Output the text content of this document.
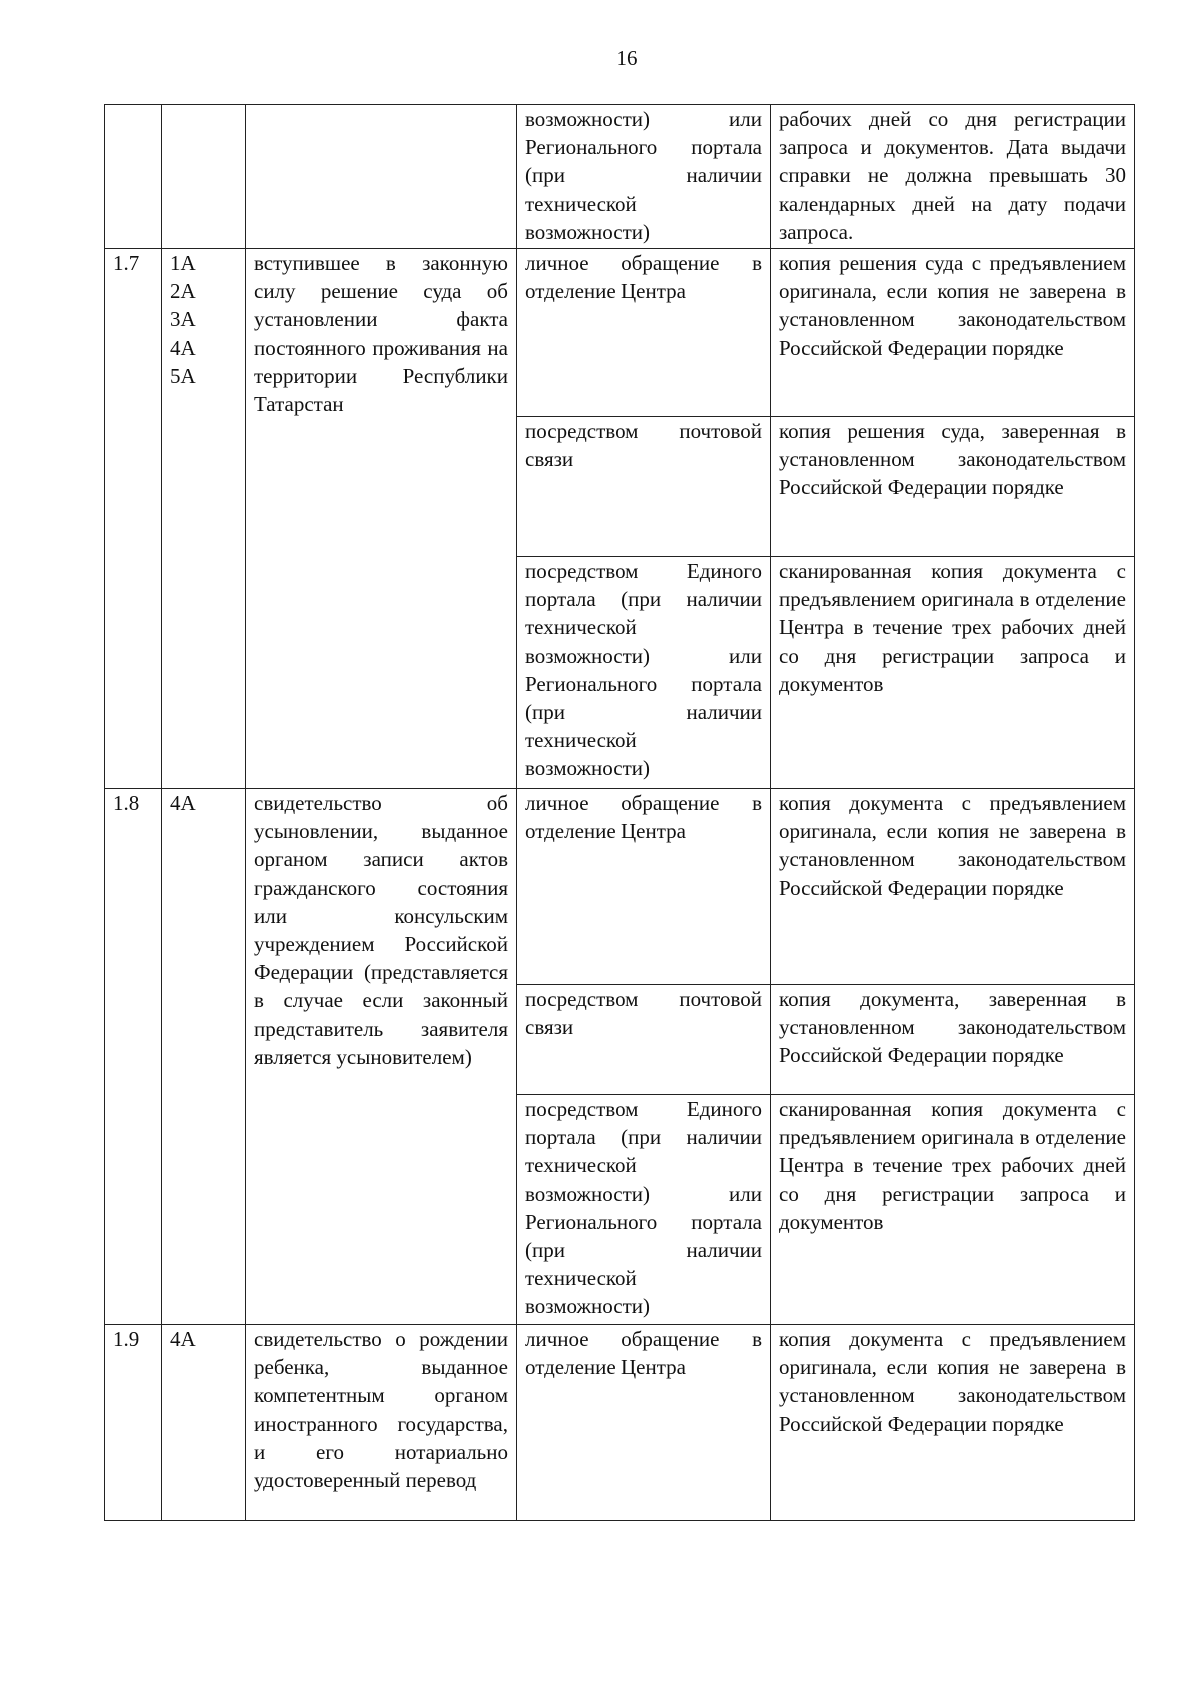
16
			возможности) или Регионального портала (при наличии технической возможности)	рабочих дней со дня регистрации запроса и документов. Дата выдачи справки не должна превышать 30 календарных дней на дату подачи запроса.
1.7	1А
2А
3А
4А
5А	вступившее в законную силу решение суда об установлении факта постоянного проживания на территории Республики Татарстан	личное обращение в отделение Центра	копия решения суда с предъявлением оригинала, если копия не заверена в установленном законодательством Российской Федерации порядке
			посредством почтовой связи	копия решения суда, заверенная в установленном законодательством Российской Федерации порядке
			посредством Единого портала (при наличии технической возможности) или Регионального портала (при наличии технической возможности)	сканированная копия документа с предъявлением оригинала в отделение Центра в течение трех рабочих дней со дня регистрации запроса и документов
1.8	4А	свидетельство об усыновлении, выданное органом записи актов гражданского состояния или консульским учреждением Российской Федерации (представляется в случае если законный представитель заявителя является усыновителем)	личное обращение в отделение Центра	копия документа с предъявлением оригинала, если копия не заверена в установленном законодательством Российской Федерации порядке
			посредством почтовой связи	копия документа, заверенная в установленном законодательством Российской Федерации порядке
			посредством Единого портала (при наличии технической возможности) или Регионального портала (при наличии технической возможности)	сканированная копия документа с предъявлением оригинала в отделение Центра в течение трех рабочих дней со дня регистрации запроса и документов
1.9	4А	свидетельство о рождении ребенка, выданное компетентным органом иностранного государства, и его нотариально удостоверенный перевод	личное обращение в отделение Центра	копия документа с предъявлением оригинала, если копия не заверена в установленном законодательством Российской Федерации порядке
